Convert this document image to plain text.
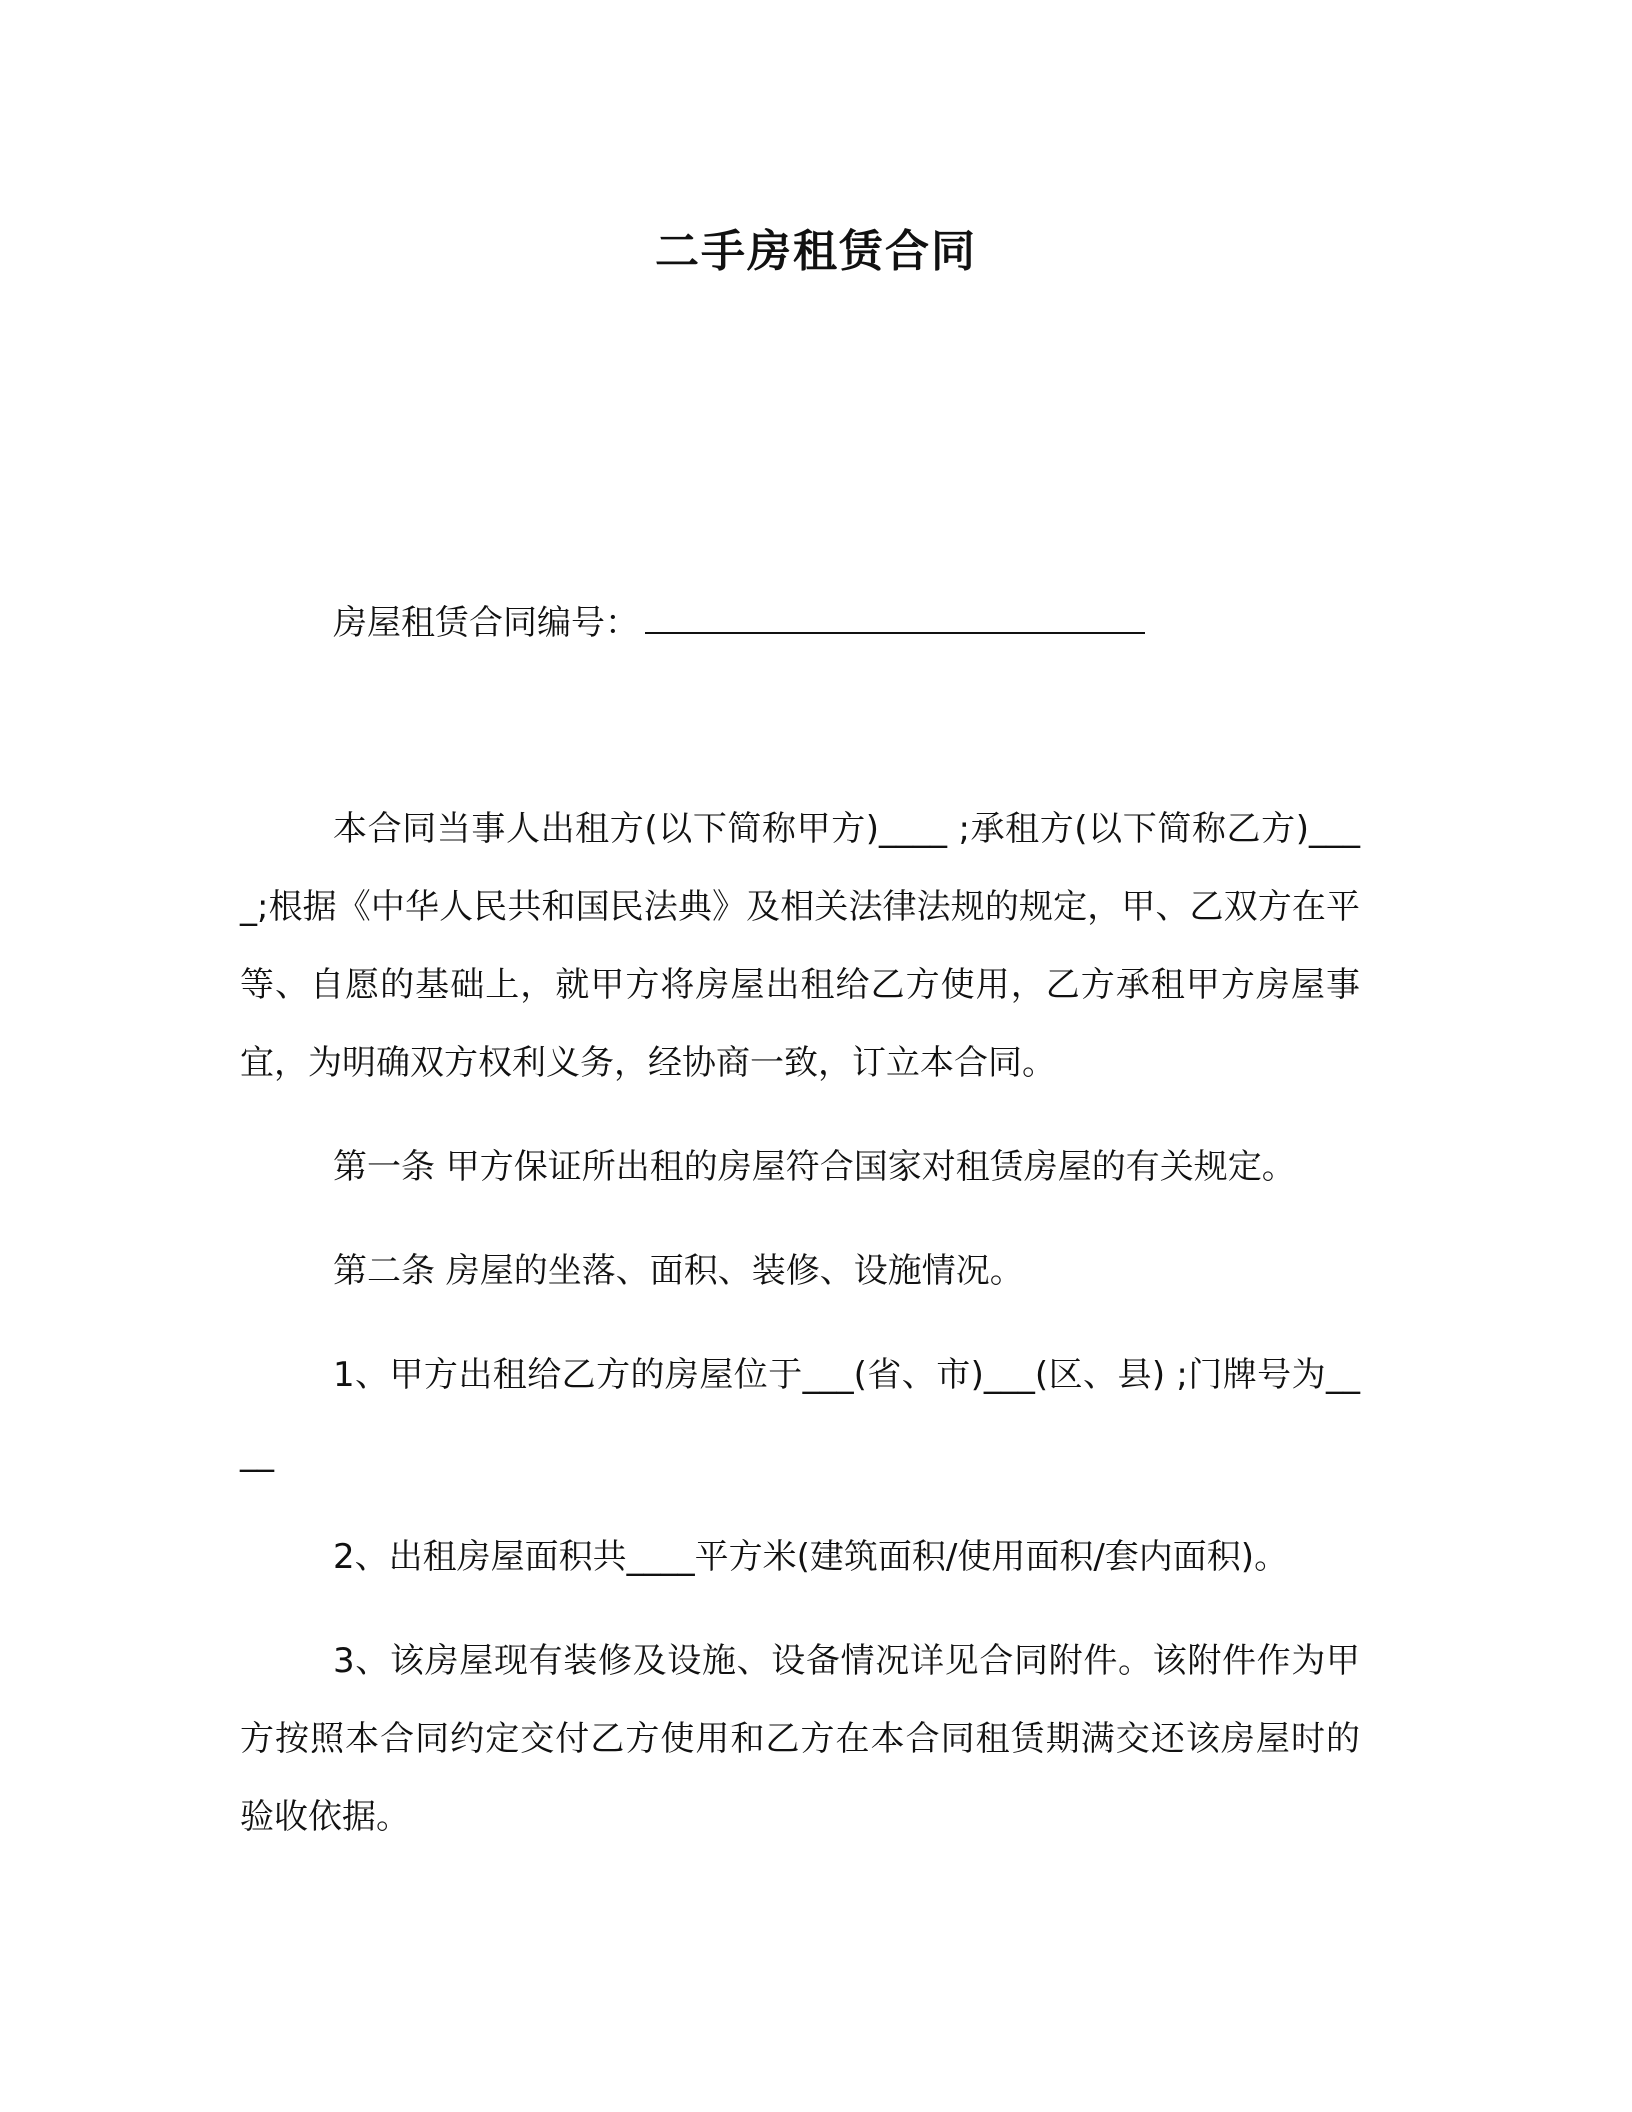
二手房租赁合同
房屋租赁合同编号：

本合同当事人出租方(以下简称甲方)____ ;承租方(以下简称乙方)____;根据《中华人民共和国民法典》及相关法律法规的规定，甲、乙双方在平等、自愿的基础上，就甲方将房屋出租给乙方使用，乙方承租甲方房屋事宜，为明确双方权利义务，经协商一致，订立本合同。

第一条 甲方保证所出租的房屋符合国家对租赁房屋的有关规定。

第二条 房屋的坐落、面积、装修、设施情况。

1、甲方出租给乙方的房屋位于___(省、市)___(区、县) ;门牌号为____

2、出租房屋面积共____平方米(建筑面积/使用面积/套内面积)。

3、该房屋现有装修及设施、设备情况详见合同附件。该附件作为甲方按照本合同约定交付乙方使用和乙方在本合同租赁期满交还该房屋时的验收依据。
